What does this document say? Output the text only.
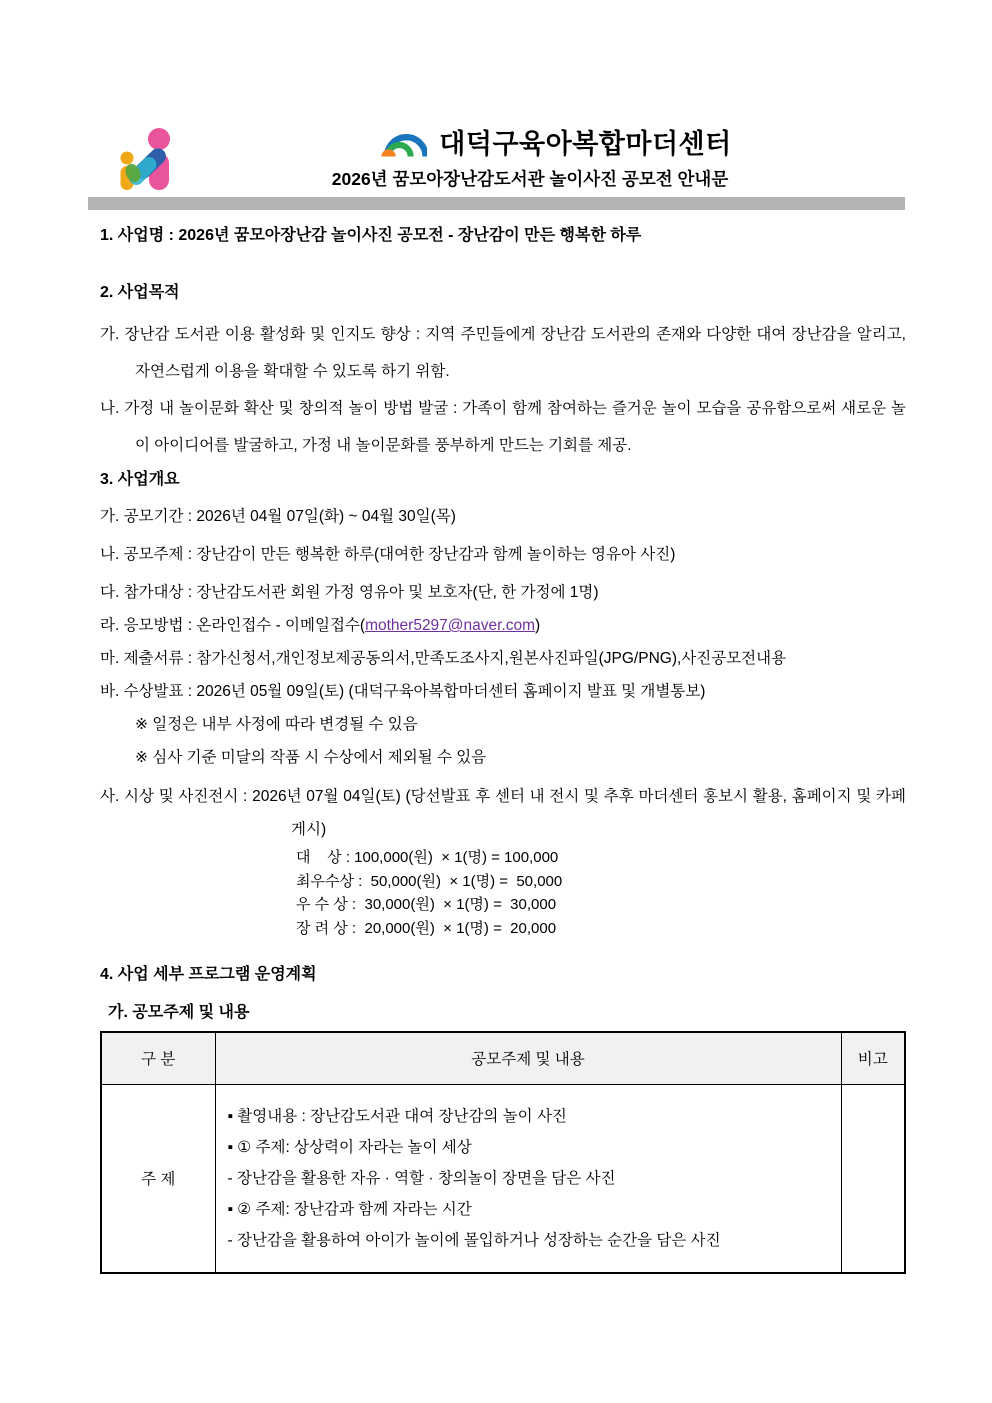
대덕구육아복합마더센터
2026년 꿈모아장난감도서관 놀이사진 공모전 안내문

1. 사업명 : 2026년 꿈모아장난감 놀이사진 공모전 - 장난감이 만든 행복한 하루

2. 사업목적

가. 장난감 도서관 이용 활성화 및 인지도 향상 : 지역 주민들에게 장난감 도서관의 존재와 다양한 대여 장난감을 알리고, 자연스럽게 이용을 확대할 수 있도록 하기 위함.

나. 가정 내 놀이문화 확산 및 창의적 놀이 방법 발굴 : 가족이 함께 참여하는 즐거운 놀이 모습을 공유함으로써 새로운 놀이 아이디어를 발굴하고, 가정 내 놀이문화를 풍부하게 만드는 기회를 제공.

3. 사업개요

가. 공모기간 : 2026년 04월 07일(화) ~ 04월 30일(목)

나. 공모주제 : 장난감이 만든 행복한 하루(대여한 장난감과 함께 놀이하는 영유아 사진)

다. 참가대상 : 장난감도서관 회원 가정 영유아 및 보호자(단, 한 가정에 1명)

라. 응모방법 : 온라인접수 - 이메일접수(mother5297@naver.com)

마. 제출서류 : 참가신청서,개인정보제공동의서,만족도조사지,원본사진파일(JPG/PNG),사진공모전내용

바. 수상발표 : 2026년 05월 09일(토) (대덕구육아복합마더센터 홈페이지 발표 및 개별통보)

※ 일정은 내부 사정에 따라 변경될 수 있음

※ 심사 기준 미달의 작품 시 수상에서 제외될 수 있음

사. 시상 및 사진전시 : 2026년 07월 04일(토) (당선발표 후 센터 내 전시 및 추후 마더센터 홍보시 활용, 홈페이지 및 카페 게시)

대    상 : 100,000(원)  × 1(명) = 100,000
최우수상 :  50,000(원)  × 1(명) =  50,000
우 수 상 :  30,000(원)  × 1(명) =  30,000
장 려 상 :  20,000(원)  × 1(명) =  20,000

4. 사업 세부 프로그램 운영계획

가. 공모주제 및 내용

구 분	공모주제 및 내용	비고
주 제	▪ 촬영내용 : 장난감도서관 대여 장난감의 놀이 사진
▪ ① 주제: 상상력이 자라는 놀이 세상
- 장난감을 활용한 자유 · 역할 · 창의놀이 장면을 담은 사진
▪ ② 주제: 장난감과 함께 자라는 시간
- 장난감을 활용하여 아이가 놀이에 몰입하거나 성장하는 순간을 담은 사진	
